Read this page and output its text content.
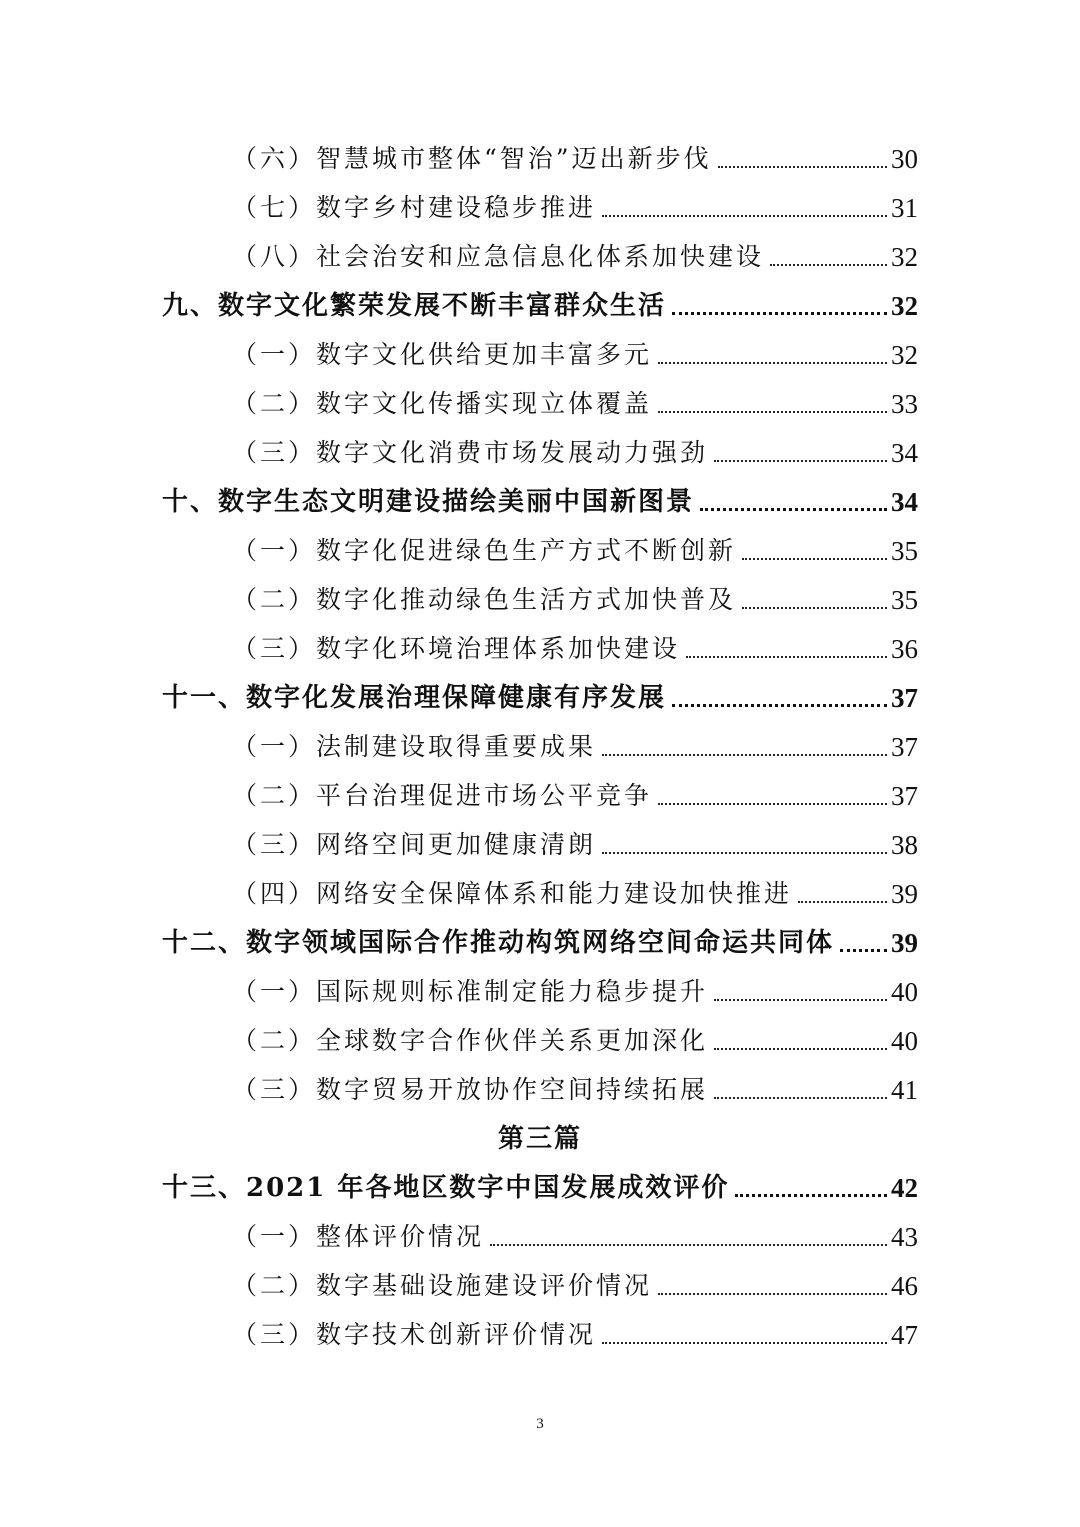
（六）智慧城市整体“智治”迈出新步伐	30
（七）数字乡村建设稳步推进	31
（八）社会治安和应急信息化体系加快建设	32
九、数字文化繁荣发展不断丰富群众生活	32
（一）数字文化供给更加丰富多元	32
（二）数字文化传播实现立体覆盖	33
（三）数字文化消费市场发展动力强劲	34
十、数字生态文明建设描绘美丽中国新图景	34
（一）数字化促进绿色生产方式不断创新	35
（二）数字化推动绿色生活方式加快普及	35
（三）数字化环境治理体系加快建设	36
十一、数字化发展治理保障健康有序发展	37
（一）法制建设取得重要成果	37
（二）平台治理促进市场公平竞争	37
（三）网络空间更加健康清朗	38
（四）网络安全保障体系和能力建设加快推进	39
十二、数字领域国际合作推动构筑网络空间命运共同体 39
（一）国际规则标准制定能力稳步提升	40
（二）全球数字合作伙伴关系更加深化	40
（三）数字贸易开放协作空间持续拓展	41
第三篇
十三、2021 年各地区数字中国发展成效评价	42
（一）整体评价情况	43
（二）数字基础设施建设评价情况	46
（三）数字技术创新评价情况	47
3
